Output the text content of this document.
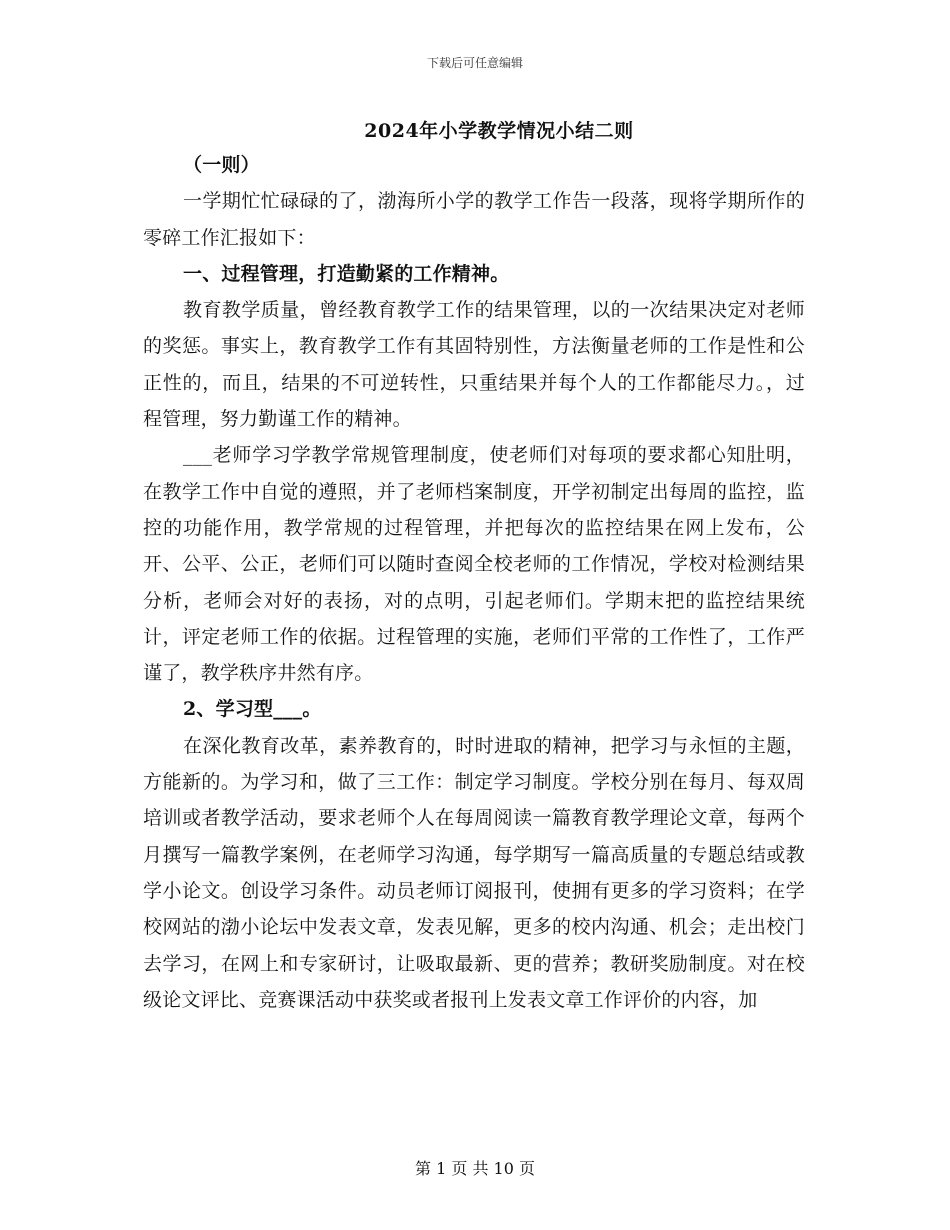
下载后可任意编辑
2024年小学教学情况小结二则

（一则）

一学期忙忙碌碌的了，渤海所小学的教学工作告一段落，现将学期所作的零碎工作汇报如下：

一、过程管理，打造勤紧的工作精神。

教育教学质量，曾经教育教学工作的结果管理，以的一次结果决定对老师的奖惩。事实上，教育教学工作有其固特别性，方法衡量老师的工作是性和公正性的，而且，结果的不可逆转性，只重结果并每个人的工作都能尽力。，过程管理，努力勤谨工作的精神。

___老师学习学教学常规管理制度，使老师们对每项的要求都心知肚明，在教学工作中自觉的遵照，并了老师档案制度，开学初制定出每周的监控，监控的功能作用，教学常规的过程管理，并把每次的监控结果在网上发布，公开、公平、公正，老师们可以随时查阅全校老师的工作情况，学校对检测结果分析，老师会对好的表扬，对的点明，引起老师们。学期末把的监控结果统计，评定老师工作的依据。过程管理的实施，老师们平常的工作性了，工作严谨了，教学秩序井然有序。

2、学习型___。

在深化教育改革，素养教育的，时时进取的精神，把学习与永恒的主题，方能新的。为学习和，做了三工作：制定学习制度。学校分别在每月、每双周培训或者教学活动，要求老师个人在每周阅读一篇教育教学理论文章，每两个月撰写一篇教学案例，在老师学习沟通，每学期写一篇高质量的专题总结或教学小论文。创设学习条件。动员老师订阅报刊，使拥有更多的学习资料；在学校网站的渤小论坛中发表文章，发表见解，更多的校内沟通、机会；走出校门去学习，在网上和专家研讨，让吸取最新、更的营养；教研奖励制度。对在校级论文评比、竞赛课活动中获奖或者报刊上发表文章工作评价的内容，加

第 1 页 共 10 页
